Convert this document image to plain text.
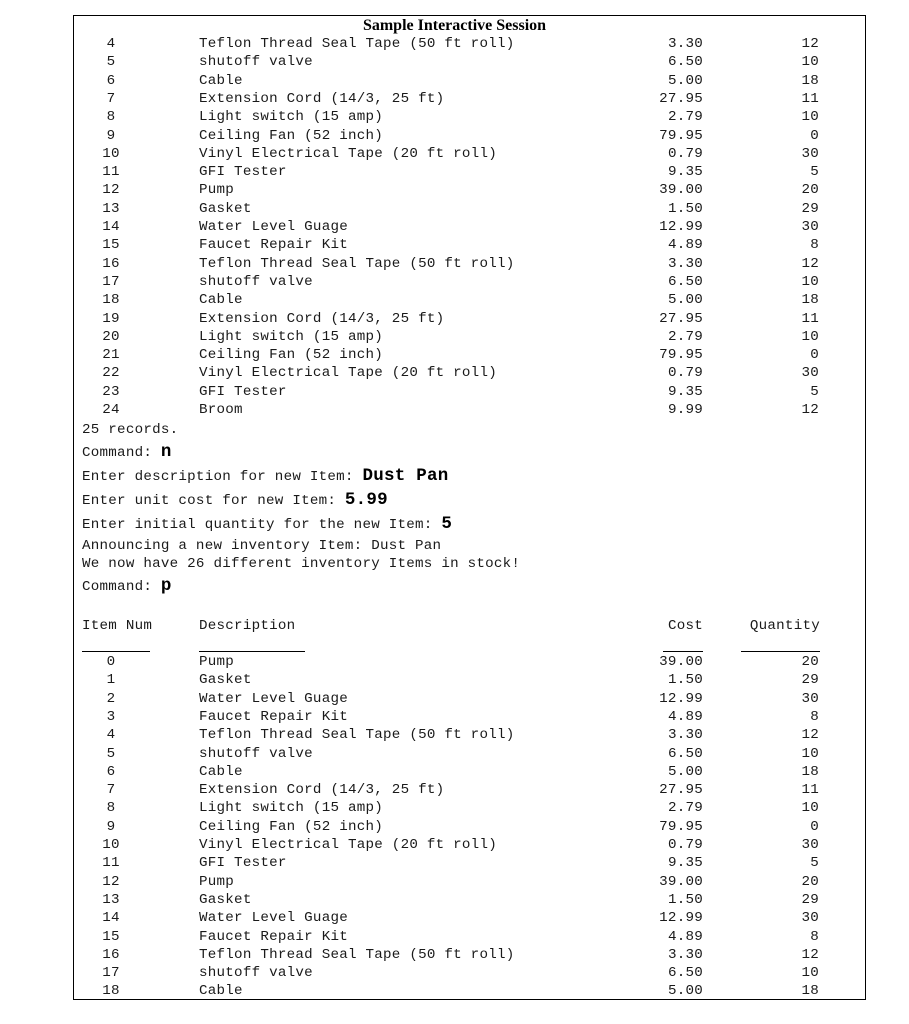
Sample Interactive Session
4	Teflon Thread Seal Tape (50 ft roll)	3.30	12
5	shutoff valve	6.50	10
6	Cable	5.00	18
7	Extension Cord (14/3, 25 ft)	27.95	11
8	Light switch (15 amp)	2.79	10
9	Ceiling Fan (52 inch)	79.95	0
10	Vinyl Electrical Tape (20 ft roll)	0.79	30
11	GFI Tester	9.35	5
12	Pump	39.00	20
13	Gasket	1.50	29
14	Water Level Guage	12.99	30
15	Faucet Repair Kit	4.89	8
16	Teflon Thread Seal Tape (50 ft roll)	3.30	12
17	shutoff valve	6.50	10
18	Cable	5.00	18
19	Extension Cord (14/3, 25 ft)	27.95	11
20	Light switch (15 amp)	2.79	10
21	Ceiling Fan (52 inch)	79.95	0
22	Vinyl Electrical Tape (20 ft roll)	0.79	30
23	GFI Tester	9.35	5
24	Broom	9.99	12
25 records.
Command: n
Enter description for new Item: Dust Pan
Enter unit cost for new Item: 5.99
Enter initial quantity for the new Item: 5
Announcing a new inventory Item: Dust Pan
We now have 26 different inventory Items in stock!
Command: p
Item Num	Description	Cost	Quantity
0	Pump	39.00	20
1	Gasket	1.50	29
2	Water Level Guage	12.99	30
3	Faucet Repair Kit	4.89	8
4	Teflon Thread Seal Tape (50 ft roll)	3.30	12
5	shutoff valve	6.50	10
6	Cable	5.00	18
7	Extension Cord (14/3, 25 ft)	27.95	11
8	Light switch (15 amp)	2.79	10
9	Ceiling Fan (52 inch)	79.95	0
10	Vinyl Electrical Tape (20 ft roll)	0.79	30
11	GFI Tester	9.35	5
12	Pump	39.00	20
13	Gasket	1.50	29
14	Water Level Guage	12.99	30
15	Faucet Repair Kit	4.89	8
16	Teflon Thread Seal Tape (50 ft roll)	3.30	12
17	shutoff valve	6.50	10
18	Cable	5.00	18
